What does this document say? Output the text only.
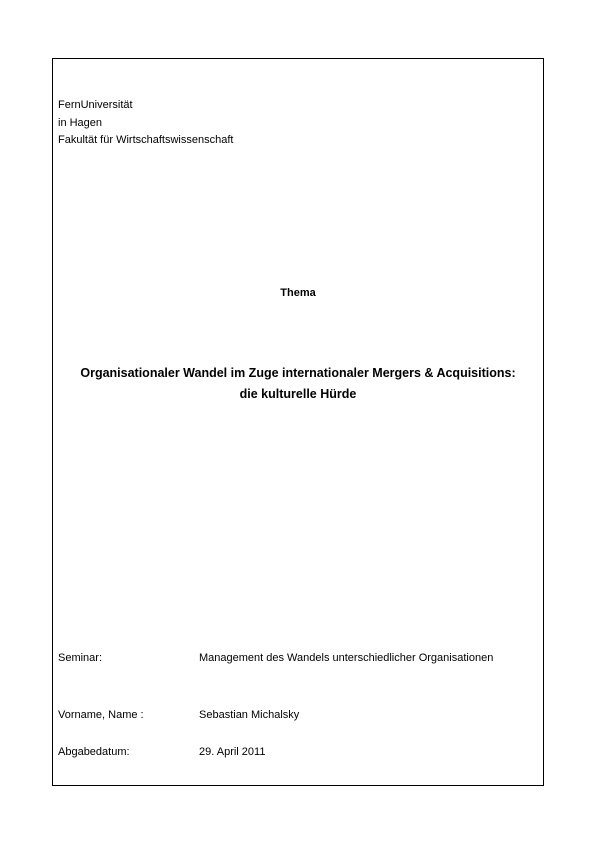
FernUniversität
in Hagen
Fakultät für Wirtschaftswissenschaft
Thema
Organisationaler Wandel im Zuge internationaler Mergers & Acquisitions:
die kulturelle Hürde
Seminar:	Management des Wandels unterschiedlicher Organisationen
Vorname, Name :	Sebastian Michalsky
Abgabedatum:	29. April 2011
